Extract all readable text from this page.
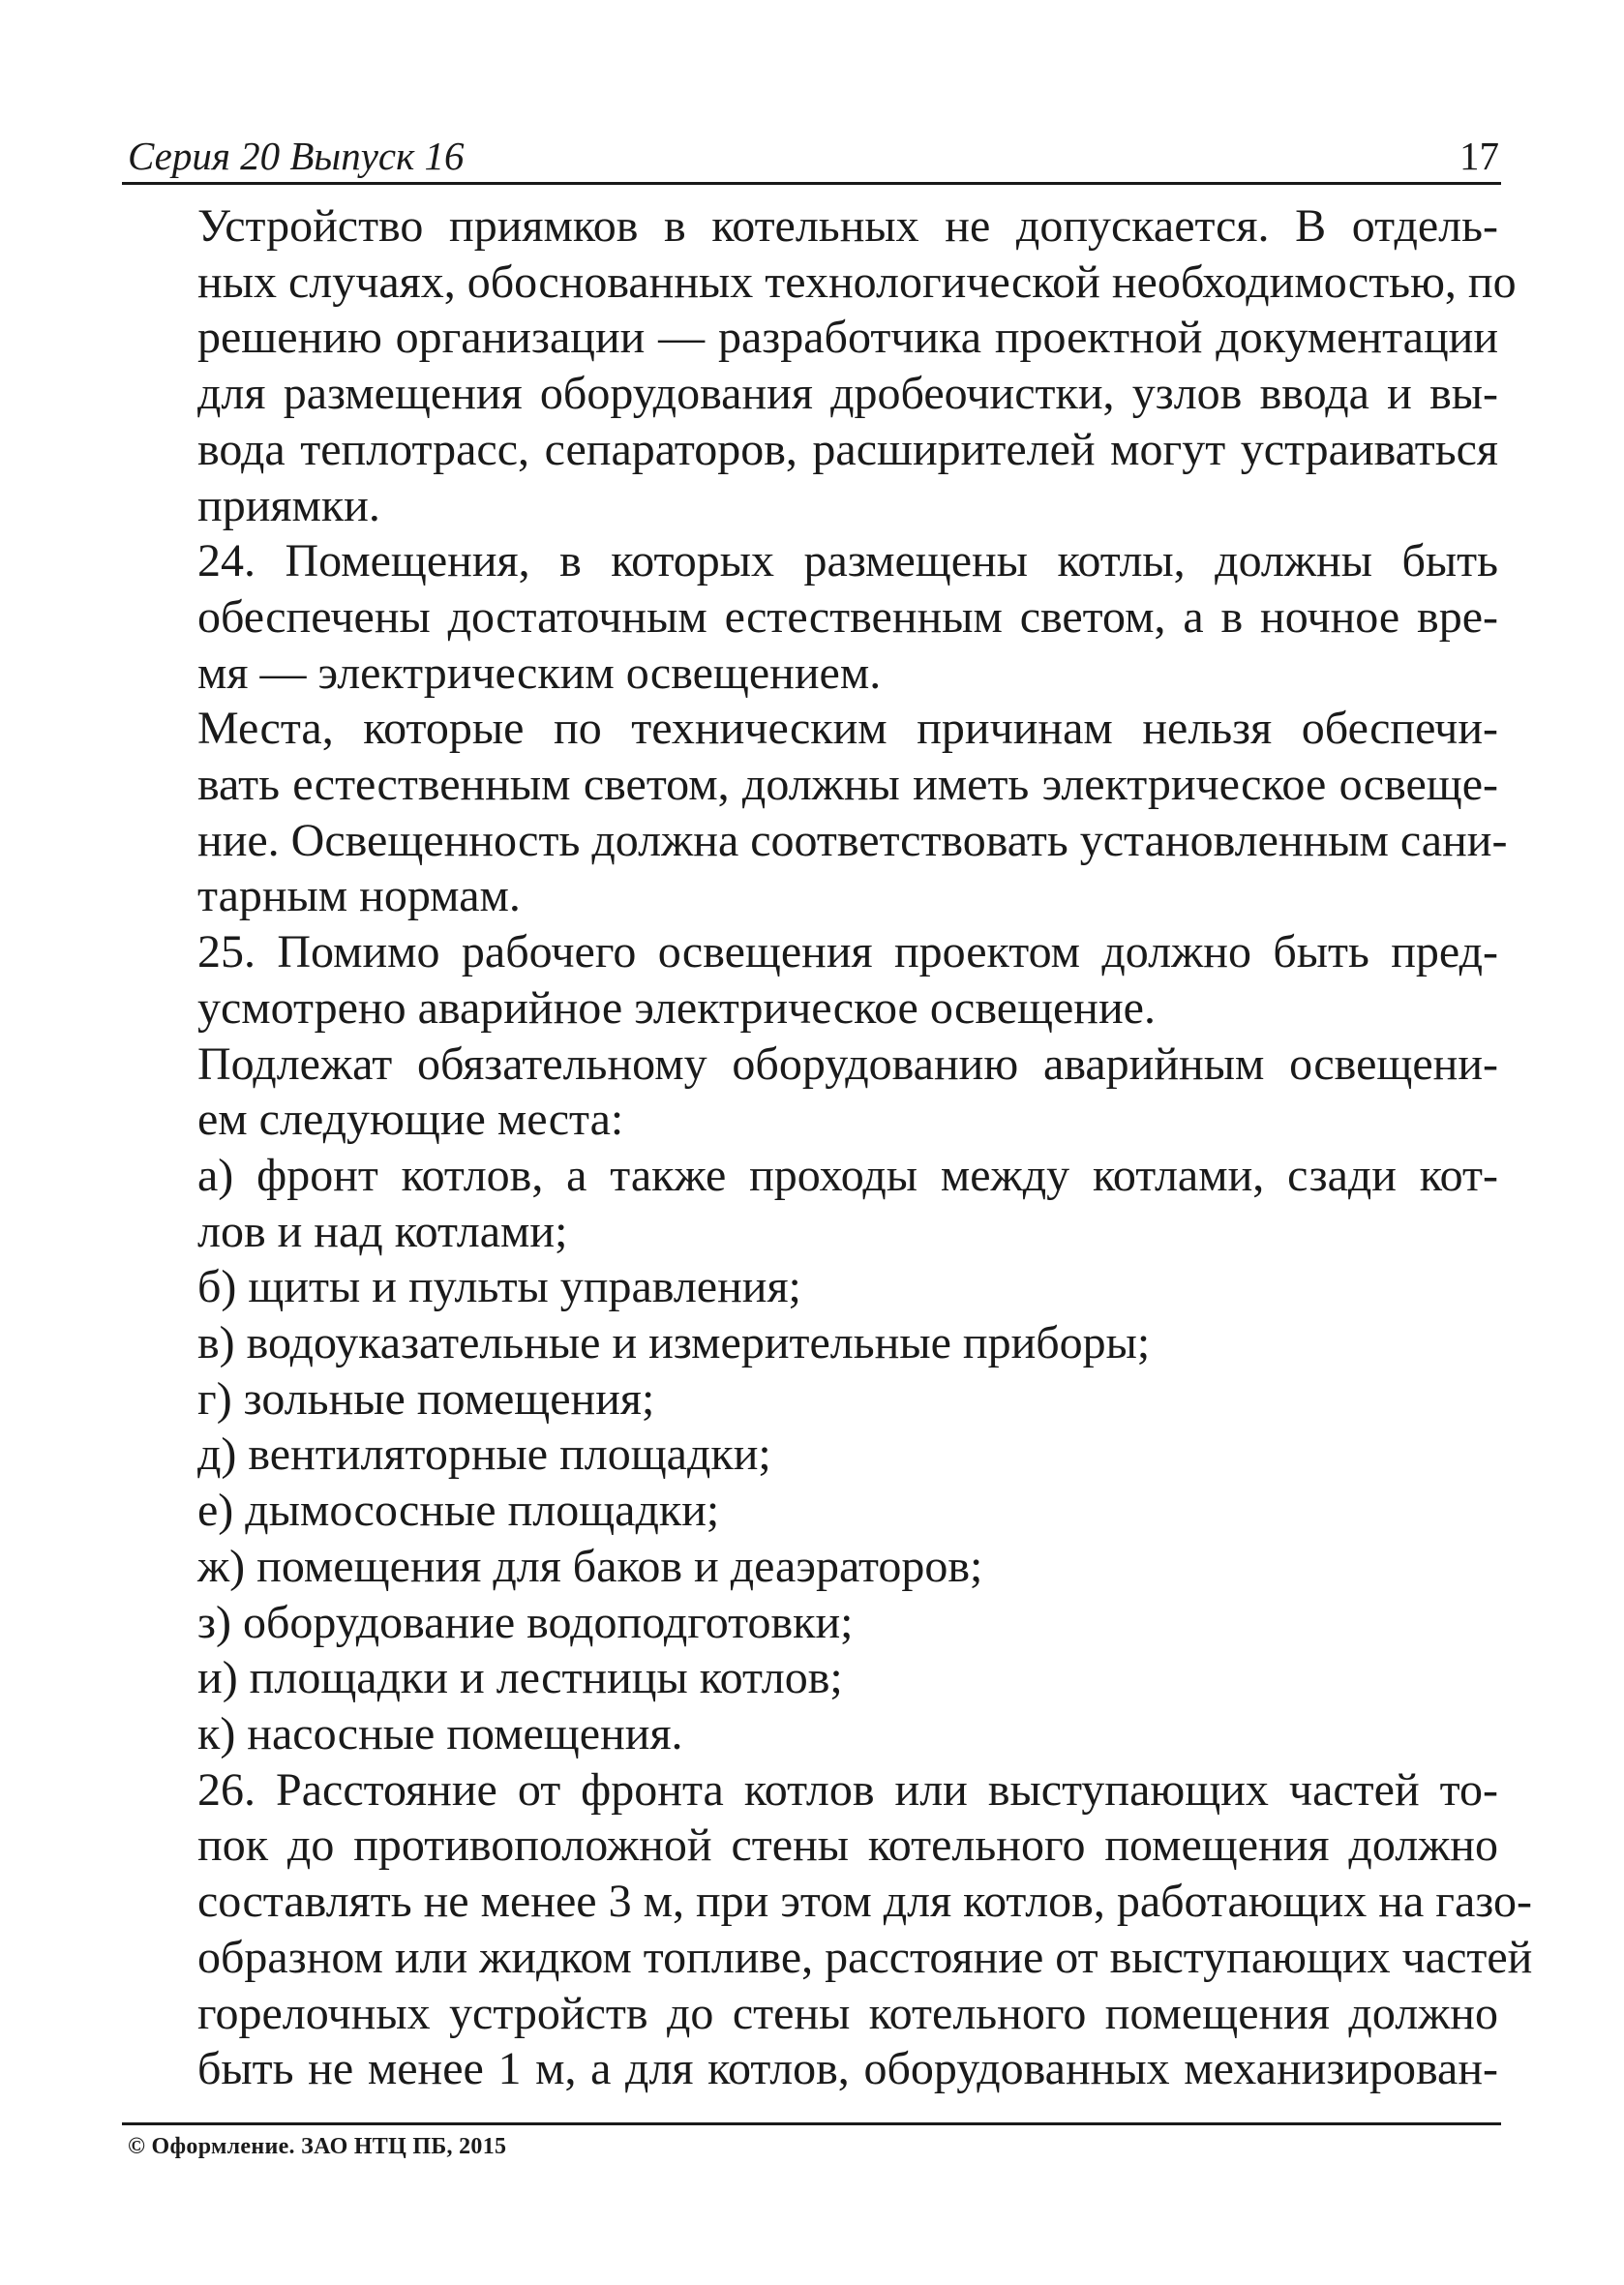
Серия 20 Выпуск 16	17

Устройство приямков в котельных не допускается. В отдель-
ных случаях, обоснованных технологической необходимостью, по
решению организации — разработчика проектной документации
для размещения оборудования дробеочистки, узлов ввода и вы-
вода теплотрасс, сепараторов, расширителей могут устраиваться
приямки.

24. Помещения, в которых размещены котлы, должны быть
обеспечены достаточным естественным светом, а в ночное вре-
мя — электрическим освещением.

Места, которые по техническим причинам нельзя обеспечи-
вать естественным светом, должны иметь электрическое освеще-
ние. Освещенность должна соответствовать установленным сани-
тарным нормам.

25. Помимо рабочего освещения проектом должно быть пред-
усмотрено аварийное электрическое освещение.

Подлежат обязательному оборудованию аварийным освещени-
ем следующие места:

а) фронт котлов, а также проходы между котлами, сзади кот-
лов и над котлами;

б) щиты и пульты управления;

в) водоуказательные и измерительные приборы;

г) зольные помещения;

д) вентиляторные площадки;

е) дымососные площадки;

ж) помещения для баков и деаэраторов;

з) оборудование водоподготовки;

и) площадки и лестницы котлов;

к) насосные помещения.

26. Расстояние от фронта котлов или выступающих частей то-
пок до противоположной стены котельного помещения должно
составлять не менее 3 м, при этом для котлов, работающих на газо-
образном или жидком топливе, расстояние от выступающих частей
горелочных устройств до стены котельного помещения должно
быть не менее 1 м, а для котлов, оборудованных механизирован-

© Оформление. ЗАО НТЦ ПБ, 2015
